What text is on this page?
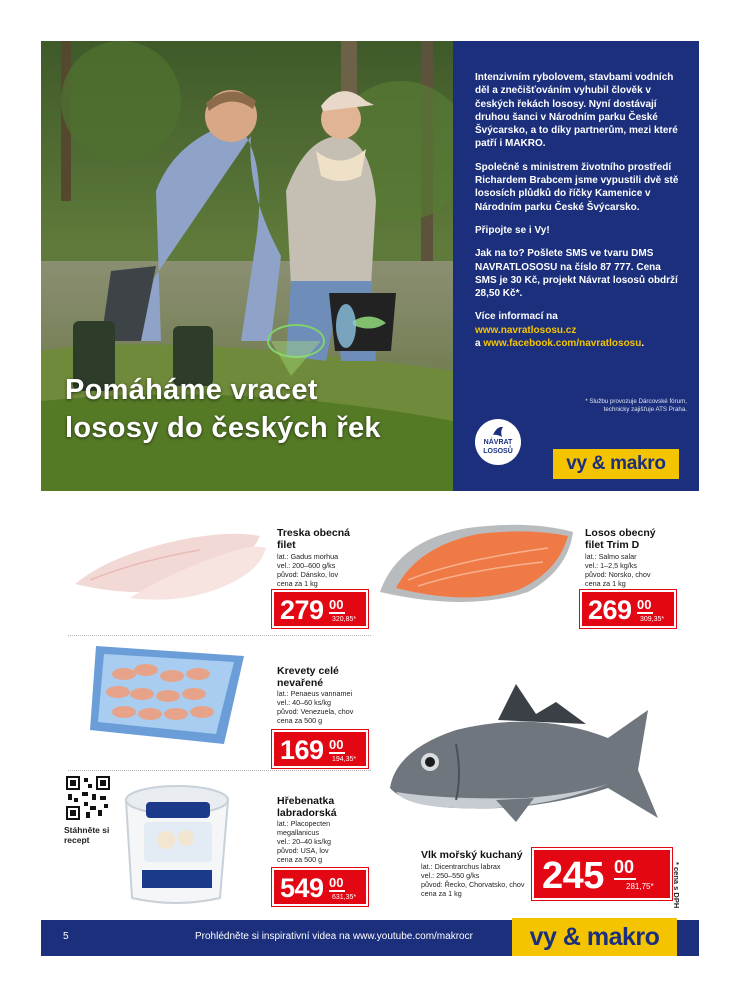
Pomáháme vracet
lososy do českých řek

Intenzivním rybolovem, stavbami vodních děl a znečišťováním vyhubil člověk v českých řekách lososy. Nyní dostávají druhou šanci v Národním parku České Švýcarsko, a to díky partnerům, mezi které patří i MAKRO.

Společně s ministrem životního prostředí Richardem Brabcem jsme vypustili dvě stě lososích plůdků do říčky Kamenice v Národním parku České Švýcarsko.

Připojte se i Vy!

Jak na to? Pošlete SMS ve tvaru DMS NAVRATLOSOSU na číslo 87 777. Cena SMS je 30 Kč, projekt Návrat lososů obdrží 28,50 Kč*.

Více informací na
www.navratlososu.cz
a www.facebook.com/navratlososu.

* Službu provozuje Dárcovské fórum, technicky zajišťuje ATS Praha.
NÁVRAT
LOSOSŮ
vy & makro
Treska obecná
filet
lat.: Gadus morhua
vel.: 200–600 g/ks
původ: Dánsko, lov
cena za 1 kg
279 00
320,85*
Losos obecný
filet Trim D
lat.: Salmo salar
vel.: 1–2,5 kg/ks
původ: Norsko, chov
cena za 1 kg
269 00
309,35*
Krevety celé
nevařené
lat.: Penaeus vannamei
vel.: 40–60 ks/kg
původ: Venezuela, chov
cena za 500 g
169 00
194,35*
Stáhněte si
recept
Hřebenatka
labradorská
lat.: Placopecten
megallanicus
vel.: 20–40 ks/kg
původ: USA, lov
cena za 500 g
549 00
631,35*
Vlk mořský kuchaný
lat.: Dicentrarchus labrax
vel.: 250–550 g/ks
původ: Řecko, Chorvatsko, chov
cena za 1 kg	245 00
281,75* * cena s DPH
5	Prohlédněte si inspirativní videa na www.youtube.com/makrocr	vy & makro
